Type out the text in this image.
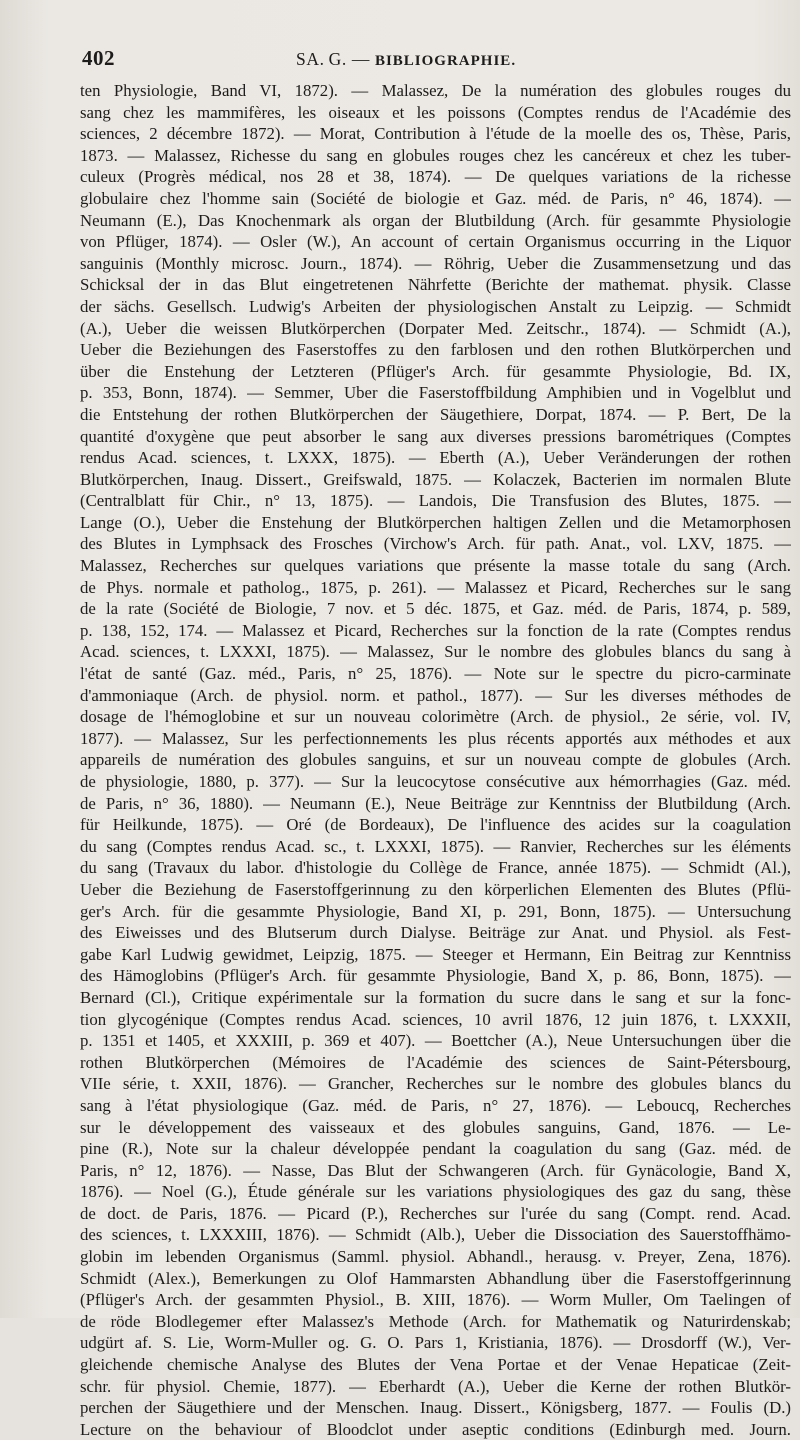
402	SA. G. — BIBLIOGRAPHIE.
ten Physiologie, Band VI, 1872). — Malassez, De la numération des globules rouges du
sang chez les mammifères, les oiseaux et les poissons (Comptes rendus de l'Académie des
sciences, 2 décembre 1872). — Morat, Contribution à l'étude de la moelle des os, Thèse, Paris,
1873. — Malassez, Richesse du sang en globules rouges chez les cancéreux et chez les tuber-
culeux (Progrès médical, nos 28 et 38, 1874). — De quelques variations de la richesse
globulaire chez l'homme sain (Société de biologie et Gaz. méd. de Paris, n° 46, 1874). —
Neumann (E.), Das Knochenmark als organ der Blutbildung (Arch. für gesammte Physiologie
von Pflüger, 1874). — Osler (W.), An account of certain Organismus occurring in the Liquor
sanguinis (Monthly microsc. Journ., 1874). — Röhrig, Ueber die Zusammensetzung und das
Schicksal der in das Blut eingetretenen Nährfette (Berichte der mathemat. physik. Classe
der sächs. Gesellsch. Ludwig's Arbeiten der physiologischen Anstalt zu Leipzig. — Schmidt
(A.), Ueber die weissen Blutkörperchen (Dorpater Med. Zeitschr., 1874). — Schmidt (A.),
Ueber die Beziehungen des Faserstoffes zu den farblosen und den rothen Blutkörperchen und
über die Enstehung der Letzteren (Pflüger's Arch. für gesammte Physiologie, Bd. IX,
p. 353, Bonn, 1874). — Semmer, Uber die Faserstoffbildung Amphibien und in Vogelblut und
die Entstehung der rothen Blutkörperchen der Säugethiere, Dorpat, 1874. — P. Bert, De la
quantité d'oxygène que peut absorber le sang aux diverses pressions barométriques (Comptes
rendus Acad. sciences, t. LXXX, 1875). — Eberth (A.), Ueber Veränderungen der rothen
Blutkörperchen, Inaug. Dissert., Greifswald, 1875. — Kolaczek, Bacterien im normalen Blute
(Centralblatt für Chir., n° 13, 1875). — Landois, Die Transfusion des Blutes, 1875. —
Lange (O.), Ueber die Enstehung der Blutkörperchen haltigen Zellen und die Metamorphosen
des Blutes in Lymphsack des Frosches (Virchow's Arch. für path. Anat., vol. LXV, 1875. —
Malassez, Recherches sur quelques variations que présente la masse totale du sang (Arch.
de Phys. normale et patholog., 1875, p. 261). — Malassez et Picard, Recherches sur le sang
de la rate (Société de Biologie, 7 nov. et 5 déc. 1875, et Gaz. méd. de Paris, 1874, p. 589,
p. 138, 152, 174. — Malassez et Picard, Recherches sur la fonction de la rate (Comptes rendus
Acad. sciences, t. LXXXI, 1875). — Malassez, Sur le nombre des globules blancs du sang à
l'état de santé (Gaz. méd., Paris, n° 25, 1876). — Note sur le spectre du picro-carminate
d'ammoniaque (Arch. de physiol. norm. et pathol., 1877). — Sur les diverses méthodes de
dosage de l'hémoglobine et sur un nouveau colorimètre (Arch. de physiol., 2e série, vol. IV,
1877). — Malassez, Sur les perfectionnements les plus récents apportés aux méthodes et aux
appareils de numération des globules sanguins, et sur un nouveau compte de globules (Arch.
de physiologie, 1880, p. 377). — Sur la leucocytose consécutive aux hémorrhagies (Gaz. méd.
de Paris, n° 36, 1880). — Neumann (E.), Neue Beiträge zur Kenntniss der Blutbildung (Arch.
für Heilkunde, 1875). — Oré (de Bordeaux), De l'influence des acides sur la coagulation
du sang (Comptes rendus Acad. sc., t. LXXXI, 1875). — Ranvier, Recherches sur les éléments
du sang (Travaux du labor. d'histologie du Collège de France, année 1875). — Schmidt (Al.),
Ueber die Beziehung de Faserstoffgerinnung zu den körperlichen Elementen des Blutes (Pflü-
ger's Arch. für die gesammte Physiologie, Band XI, p. 291, Bonn, 1875). — Untersuchung
des Eiweisses und des Blutserum durch Dialyse. Beiträge zur Anat. und Physiol. als Fest-
gabe Karl Ludwig gewidmet, Leipzig, 1875. — Steeger et Hermann, Ein Beitrag zur Kenntniss
des Hämoglobins (Pflüger's Arch. für gesammte Physiologie, Band X, p. 86, Bonn, 1875). —
Bernard (Cl.), Critique expérimentale sur la formation du sucre dans le sang et sur la fonc-
tion glycogénique (Comptes rendus Acad. sciences, 10 avril 1876, 12 juin 1876, t. LXXXII,
p. 1351 et 1405, et XXXIII, p. 369 et 407). — Boettcher (A.), Neue Untersuchungen über die
rothen Blutkörperchen (Mémoires de l'Académie des sciences de Saint-Pétersbourg,
VIIe série, t. XXII, 1876). — Grancher, Recherches sur le nombre des globules blancs du
sang à l'état physiologique (Gaz. méd. de Paris, n° 27, 1876). — Leboucq, Recherches
sur le développement des vaisseaux et des globules sanguins, Gand, 1876. — Le-
pine (R.), Note sur la chaleur développée pendant la coagulation du sang (Gaz. méd. de
Paris, n° 12, 1876). — Nasse, Das Blut der Schwangeren (Arch. für Gynäcologie, Band X,
1876). — Noel (G.), Étude générale sur les variations physiologiques des gaz du sang, thèse
de doct. de Paris, 1876. — Picard (P.), Recherches sur l'urée du sang (Compt. rend. Acad.
des sciences, t. LXXXIII, 1876). — Schmidt (Alb.), Ueber die Dissociation des Sauerstoffhämo-
globin im lebenden Organismus (Samml. physiol. Abhandl., herausg. v. Preyer, Zena, 1876).
Schmidt (Alex.), Bemerkungen zu Olof Hammarsten Abhandlung über die Faserstoffgerinnung
(Pflüger's Arch. der gesammten Physiol., B. XIII, 1876). — Worm Muller, Om Taelingen of
de röde Blodlegemer efter Malassez's Methode (Arch. for Mathematik og Naturirdenskab;
udgürt af. S. Lie, Worm-Muller og. G. O. Pars 1, Kristiania, 1876). — Drosdorff (W.), Ver-
gleichende chemische Analyse des Blutes der Vena Portae et der Venae Hepaticae (Zeit-
schr. für physiol. Chemie, 1877). — Eberhardt (A.), Ueber die Kerne der rothen Blutkör-
perchen der Säugethiere und der Menschen. Inaug. Dissert., Königsberg, 1877. — Foulis (D.)
Lecture on the behaviour of Bloodclot under aseptic conditions (Edinburgh med. Journ.
